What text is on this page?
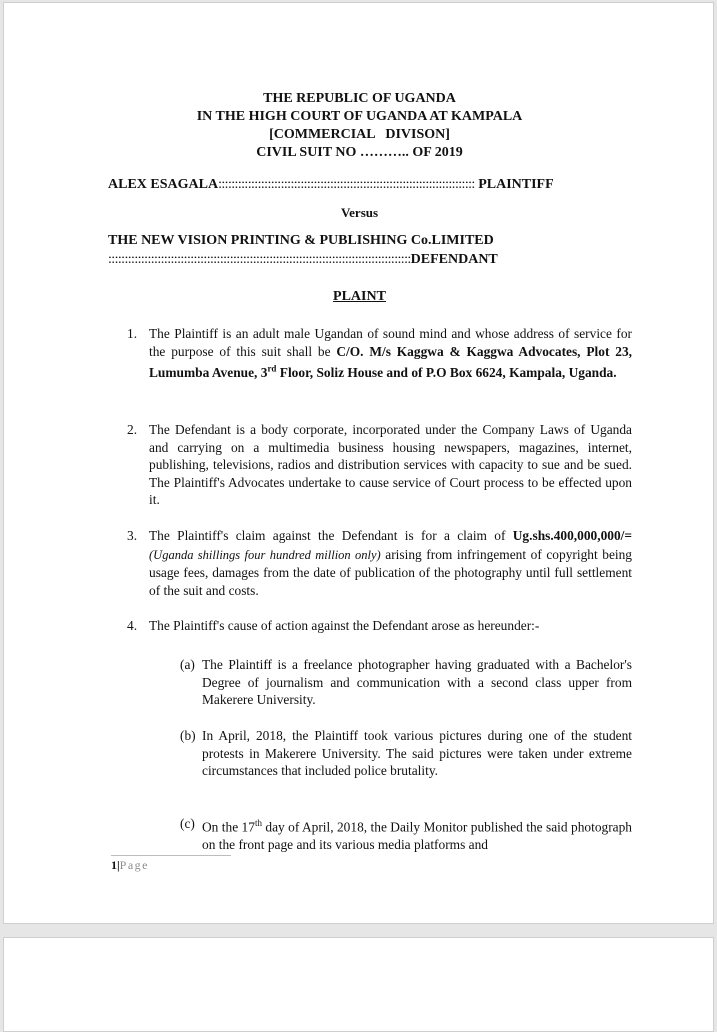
THE REPUBLIC OF UGANDA
IN THE HIGH COURT OF UGANDA AT KAMPALA
[COMMERCIAL   DIVISON]
CIVIL SUIT NO ……….. OF 2019
ALEX ESAGALA:::::::::::::::::::::::::::::::::::::::::::::::::::::::::::::::::::::::::::::: PLAINTIFF
Versus
THE NEW VISION PRINTING & PUBLISHING Co.LIMITED
::::::::::::::::::::::::::::::::::::::::::::::::::::::::::::::::::::::::::::::::::::::::::::DEFENDANT
PLAINT
1. The Plaintiff is an adult male Ugandan of sound mind and whose address of service for the purpose of this suit shall be C/O. M/s Kaggwa & Kaggwa Advocates, Plot 23, Lumumba Avenue, 3rd Floor, Soliz House and of P.O Box 6624, Kampala, Uganda.
2. The Defendant is a body corporate, incorporated under the Company Laws of Uganda and carrying on a multimedia business housing newspapers, magazines, internet, publishing, televisions, radios and distribution services with capacity to sue and be sued. The Plaintiff's Advocates undertake to cause service of Court process to be effected upon it.
3. The Plaintiff's claim against the Defendant is for a claim of Ug.shs.400,000,000/= (Uganda shillings four hundred million only) arising from infringement of copyright being usage fees, damages from the date of publication of the photography until full settlement of the suit and costs.
4. The Plaintiff's cause of action against the Defendant arose as hereunder:-
(a) The Plaintiff is a freelance photographer having graduated with a Bachelor's Degree of journalism and communication with a second class upper from Makerere University.
(b) In April, 2018, the Plaintiff took various pictures during one of the student protests in Makerere University. The said pictures were taken under extreme circumstances that included police brutality.
(c) On the 17th day of April, 2018, the Daily Monitor published the said photograph on the front page and its various media platforms and
1|Page
